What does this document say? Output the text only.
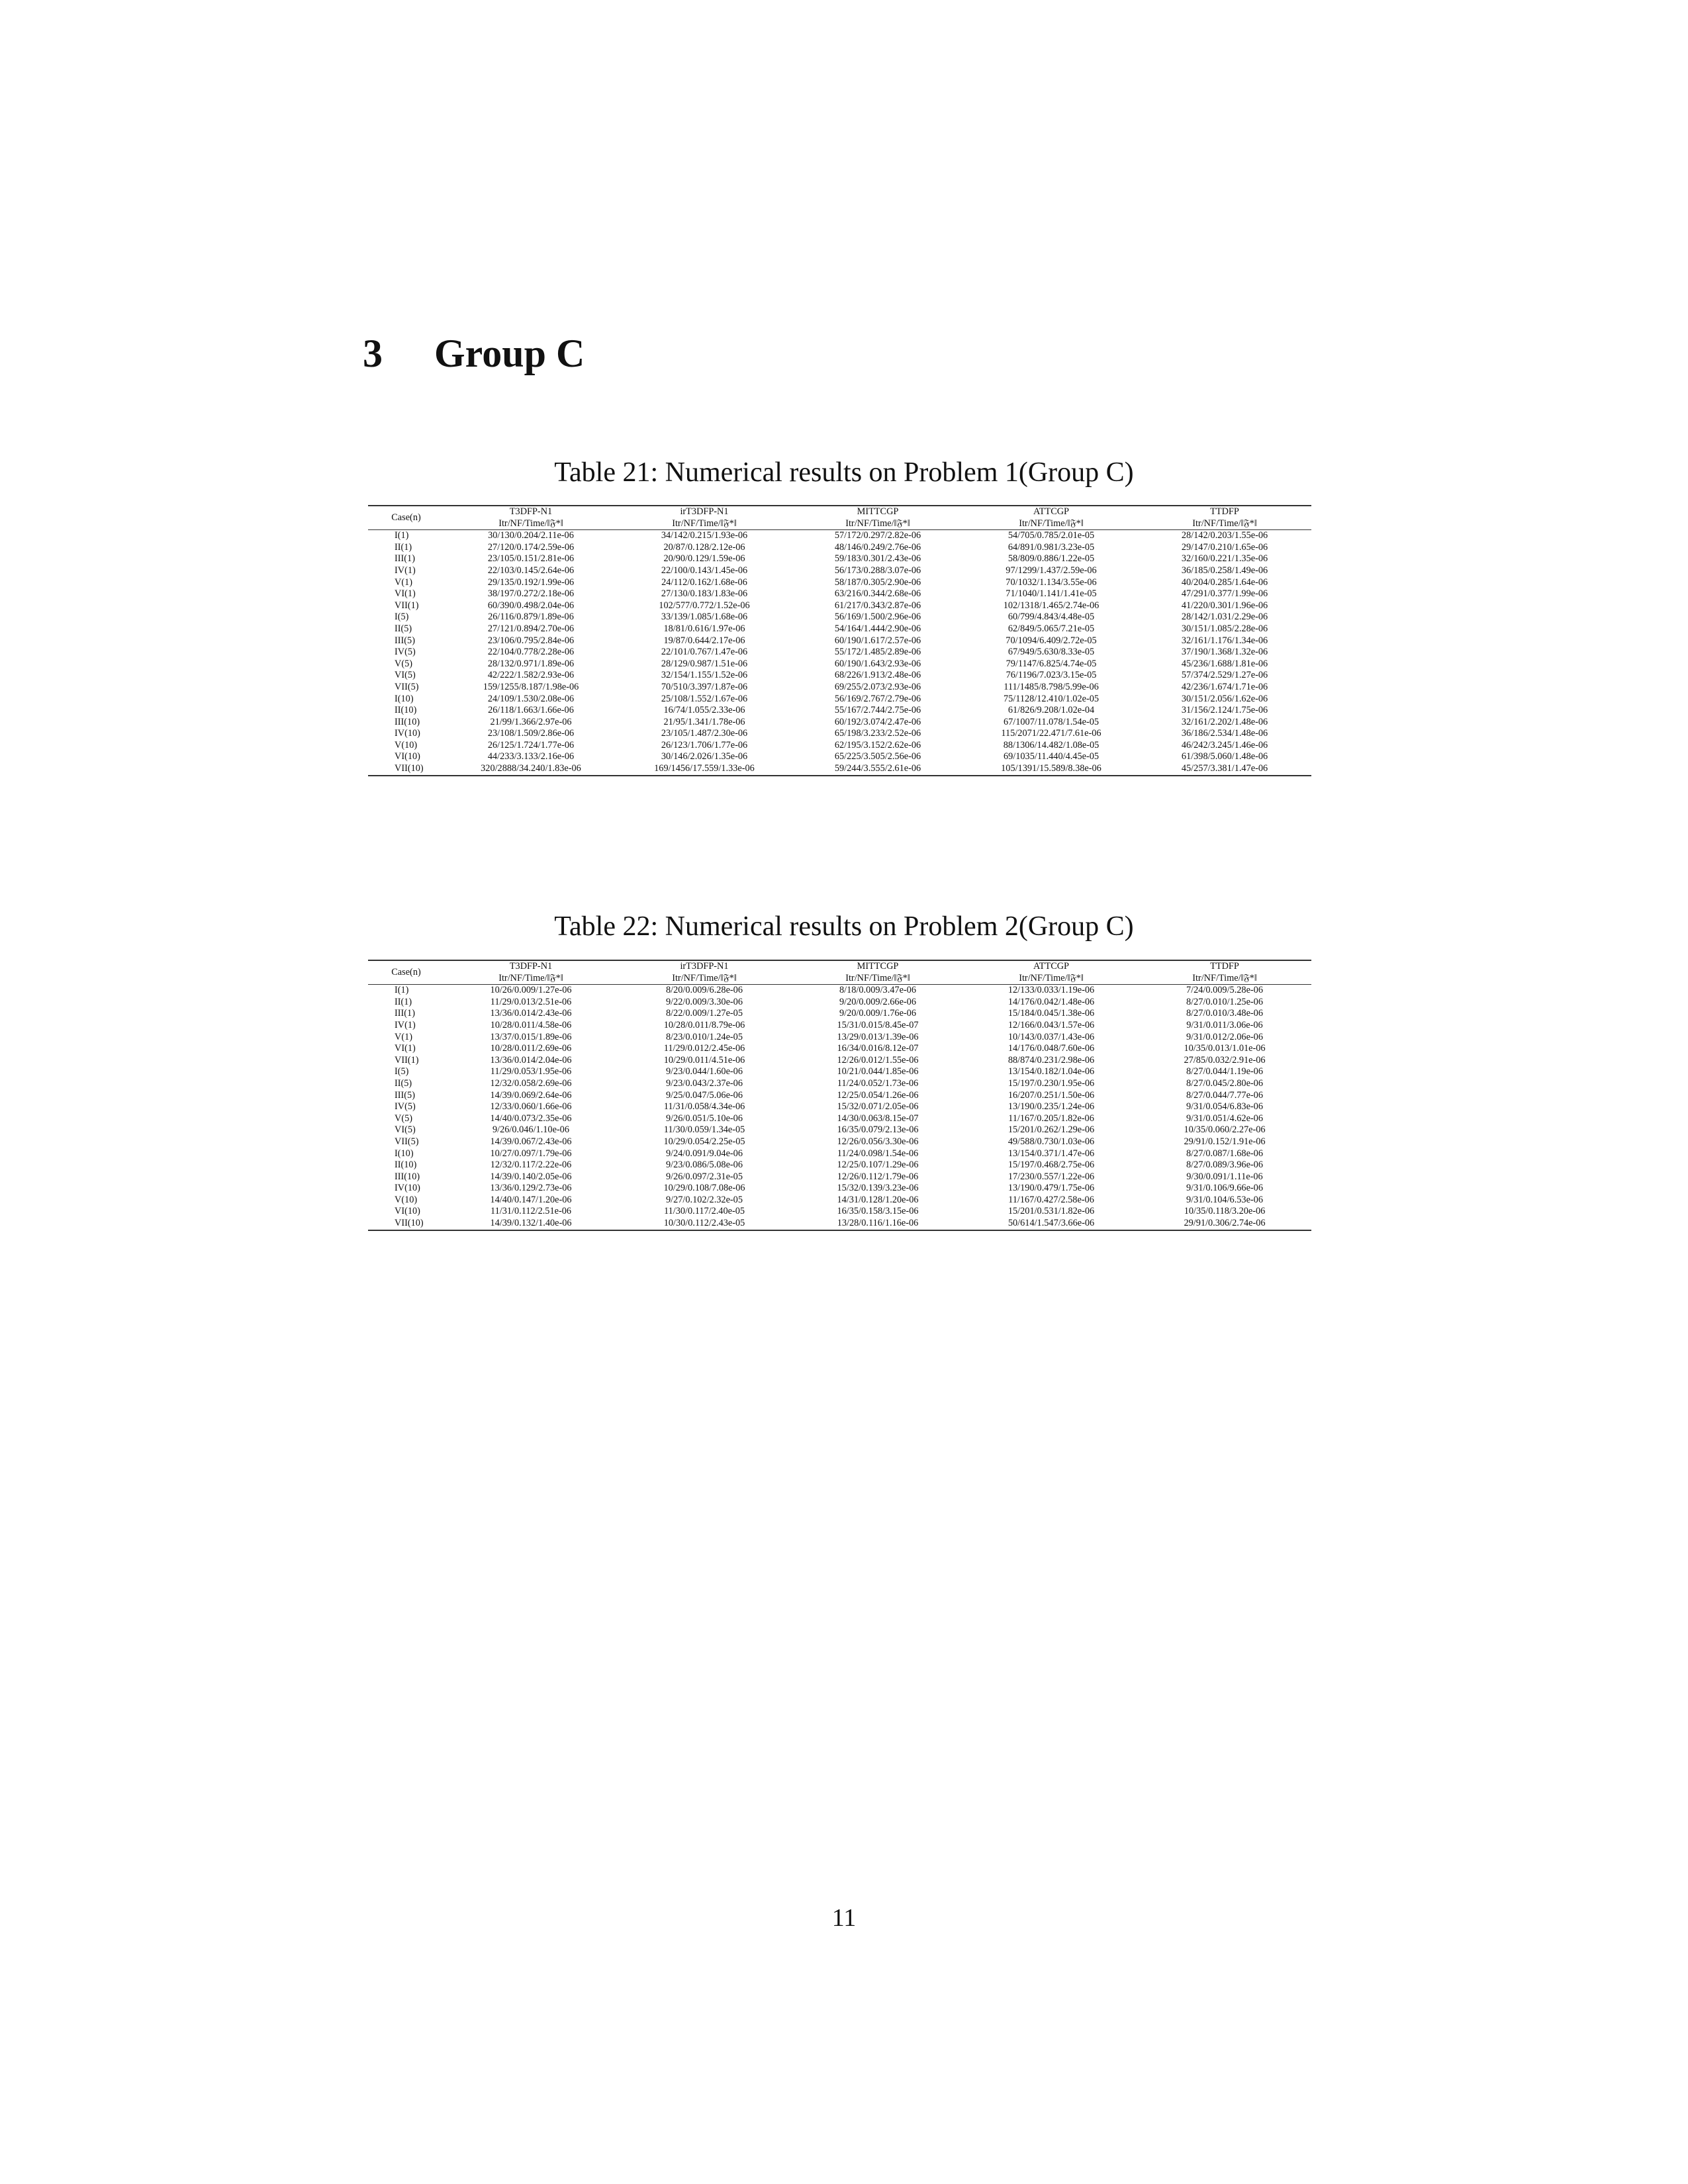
3 Group C
Table 21: Numerical results on Problem 1(Group C)
Case(n)	T3DFP-N1	irT3DFP-N1	MITTCGP	ATTCGP	TTDFP
	Itr/NF/Time/‖𝔉*‖	Itr/NF/Time/‖𝔉*‖	Itr/NF/Time/‖𝔉*‖	Itr/NF/Time/‖𝔉*‖	Itr/NF/Time/‖𝔉*‖
I(1)	30/130/0.204/2.11e-06	34/142/0.215/1.93e-06	57/172/0.297/2.82e-06	54/705/0.785/2.01e-05	28/142/0.203/1.55e-06
II(1)	27/120/0.174/2.59e-06	20/87/0.128/2.12e-06	48/146/0.249/2.76e-06	64/891/0.981/3.23e-05	29/147/0.210/1.65e-06
III(1)	23/105/0.151/2.81e-06	20/90/0.129/1.59e-06	59/183/0.301/2.43e-06	58/809/0.886/1.22e-05	32/160/0.221/1.35e-06
IV(1)	22/103/0.145/2.64e-06	22/100/0.143/1.45e-06	56/173/0.288/3.07e-06	97/1299/1.437/2.59e-06	36/185/0.258/1.49e-06
V(1)	29/135/0.192/1.99e-06	24/112/0.162/1.68e-06	58/187/0.305/2.90e-06	70/1032/1.134/3.55e-06	40/204/0.285/1.64e-06
VI(1)	38/197/0.272/2.18e-06	27/130/0.183/1.83e-06	63/216/0.344/2.68e-06	71/1040/1.141/1.41e-05	47/291/0.377/1.99e-06
VII(1)	60/390/0.498/2.04e-06	102/577/0.772/1.52e-06	61/217/0.343/2.87e-06	102/1318/1.465/2.74e-06	41/220/0.301/1.96e-06
I(5)	26/116/0.879/1.89e-06	33/139/1.085/1.68e-06	56/169/1.500/2.96e-06	60/799/4.843/4.48e-05	28/142/1.031/2.29e-06
II(5)	27/121/0.894/2.70e-06	18/81/0.616/1.97e-06	54/164/1.444/2.90e-06	62/849/5.065/7.21e-05	30/151/1.085/2.28e-06
III(5)	23/106/0.795/2.84e-06	19/87/0.644/2.17e-06	60/190/1.617/2.57e-06	70/1094/6.409/2.72e-05	32/161/1.176/1.34e-06
IV(5)	22/104/0.778/2.28e-06	22/101/0.767/1.47e-06	55/172/1.485/2.89e-06	67/949/5.630/8.33e-05	37/190/1.368/1.32e-06
V(5)	28/132/0.971/1.89e-06	28/129/0.987/1.51e-06	60/190/1.643/2.93e-06	79/1147/6.825/4.74e-05	45/236/1.688/1.81e-06
VI(5)	42/222/1.582/2.93e-06	32/154/1.155/1.52e-06	68/226/1.913/2.48e-06	76/1196/7.023/3.15e-05	57/374/2.529/1.27e-06
VII(5)	159/1255/8.187/1.98e-06	70/510/3.397/1.87e-06	69/255/2.073/2.93e-06	111/1485/8.798/5.99e-06	42/236/1.674/1.71e-06
I(10)	24/109/1.530/2.08e-06	25/108/1.552/1.67e-06	56/169/2.767/2.79e-06	75/1128/12.410/1.02e-05	30/151/2.056/1.62e-06
II(10)	26/118/1.663/1.66e-06	16/74/1.055/2.33e-06	55/167/2.744/2.75e-06	61/826/9.208/1.02e-04	31/156/2.124/1.75e-06
III(10)	21/99/1.366/2.97e-06	21/95/1.341/1.78e-06	60/192/3.074/2.47e-06	67/1007/11.078/1.54e-05	32/161/2.202/1.48e-06
IV(10)	23/108/1.509/2.86e-06	23/105/1.487/2.30e-06	65/198/3.233/2.52e-06	115/2071/22.471/7.61e-06	36/186/2.534/1.48e-06
V(10)	26/125/1.724/1.77e-06	26/123/1.706/1.77e-06	62/195/3.152/2.62e-06	88/1306/14.482/1.08e-05	46/242/3.245/1.46e-06
VI(10)	44/233/3.133/2.16e-06	30/146/2.026/1.35e-06	65/225/3.505/2.56e-06	69/1035/11.440/4.45e-05	61/398/5.060/1.48e-06
VII(10)	320/2888/34.240/1.83e-06	169/1456/17.559/1.33e-06	59/244/3.555/2.61e-06	105/1391/15.589/8.38e-06	45/257/3.381/1.47e-06
Table 22: Numerical results on Problem 2(Group C)
Case(n)	T3DFP-N1	irT3DFP-N1	MITTCGP	ATTCGP	TTDFP
	Itr/NF/Time/‖𝔉*‖	Itr/NF/Time/‖𝔉*‖	Itr/NF/Time/‖𝔉*‖	Itr/NF/Time/‖𝔉*‖	Itr/NF/Time/‖𝔉*‖
I(1)	10/26/0.009/1.27e-06	8/20/0.009/6.28e-06	8/18/0.009/3.47e-06	12/133/0.033/1.19e-06	7/24/0.009/5.28e-06
II(1)	11/29/0.013/2.51e-06	9/22/0.009/3.30e-06	9/20/0.009/2.66e-06	14/176/0.042/1.48e-06	8/27/0.010/1.25e-06
III(1)	13/36/0.014/2.43e-06	8/22/0.009/1.27e-05	9/20/0.009/1.76e-06	15/184/0.045/1.38e-06	8/27/0.010/3.48e-06
IV(1)	10/28/0.011/4.58e-06	10/28/0.011/8.79e-06	15/31/0.015/8.45e-07	12/166/0.043/1.57e-06	9/31/0.011/3.06e-06
V(1)	13/37/0.015/1.89e-06	8/23/0.010/1.24e-05	13/29/0.013/1.39e-06	10/143/0.037/1.43e-06	9/31/0.012/2.06e-06
VI(1)	10/28/0.011/2.69e-06	11/29/0.012/2.45e-06	16/34/0.016/8.12e-07	14/176/0.048/7.60e-06	10/35/0.013/1.01e-06
VII(1)	13/36/0.014/2.04e-06	10/29/0.011/4.51e-06	12/26/0.012/1.55e-06	88/874/0.231/2.98e-06	27/85/0.032/2.91e-06
I(5)	11/29/0.053/1.95e-06	9/23/0.044/1.60e-06	10/21/0.044/1.85e-06	13/154/0.182/1.04e-06	8/27/0.044/1.19e-06
II(5)	12/32/0.058/2.69e-06	9/23/0.043/2.37e-06	11/24/0.052/1.73e-06	15/197/0.230/1.95e-06	8/27/0.045/2.80e-06
III(5)	14/39/0.069/2.64e-06	9/25/0.047/5.06e-06	12/25/0.054/1.26e-06	16/207/0.251/1.50e-06	8/27/0.044/7.77e-06
IV(5)	12/33/0.060/1.66e-06	11/31/0.058/4.34e-06	15/32/0.071/2.05e-06	13/190/0.235/1.24e-06	9/31/0.054/6.83e-06
V(5)	14/40/0.073/2.35e-06	9/26/0.051/5.10e-06	14/30/0.063/8.15e-07	11/167/0.205/1.82e-06	9/31/0.051/4.62e-06
VI(5)	9/26/0.046/1.10e-06	11/30/0.059/1.34e-05	16/35/0.079/2.13e-06	15/201/0.262/1.29e-06	10/35/0.060/2.27e-06
VII(5)	14/39/0.067/2.43e-06	10/29/0.054/2.25e-05	12/26/0.056/3.30e-06	49/588/0.730/1.03e-06	29/91/0.152/1.91e-06
I(10)	10/27/0.097/1.79e-06	9/24/0.091/9.04e-06	11/24/0.098/1.54e-06	13/154/0.371/1.47e-06	8/27/0.087/1.68e-06
II(10)	12/32/0.117/2.22e-06	9/23/0.086/5.08e-06	12/25/0.107/1.29e-06	15/197/0.468/2.75e-06	8/27/0.089/3.96e-06
III(10)	14/39/0.140/2.05e-06	9/26/0.097/2.31e-05	12/26/0.112/1.79e-06	17/230/0.557/1.22e-06	9/30/0.091/1.11e-06
IV(10)	13/36/0.129/2.73e-06	10/29/0.108/7.08e-06	15/32/0.139/3.23e-06	13/190/0.479/1.75e-06	9/31/0.106/9.66e-06
V(10)	14/40/0.147/1.20e-06	9/27/0.102/2.32e-05	14/31/0.128/1.20e-06	11/167/0.427/2.58e-06	9/31/0.104/6.53e-06
VI(10)	11/31/0.112/2.51e-06	11/30/0.117/2.40e-05	16/35/0.158/3.15e-06	15/201/0.531/1.82e-06	10/35/0.118/3.20e-06
VII(10)	14/39/0.132/1.40e-06	10/30/0.112/2.43e-05	13/28/0.116/1.16e-06	50/614/1.547/3.66e-06	29/91/0.306/2.74e-06
11
